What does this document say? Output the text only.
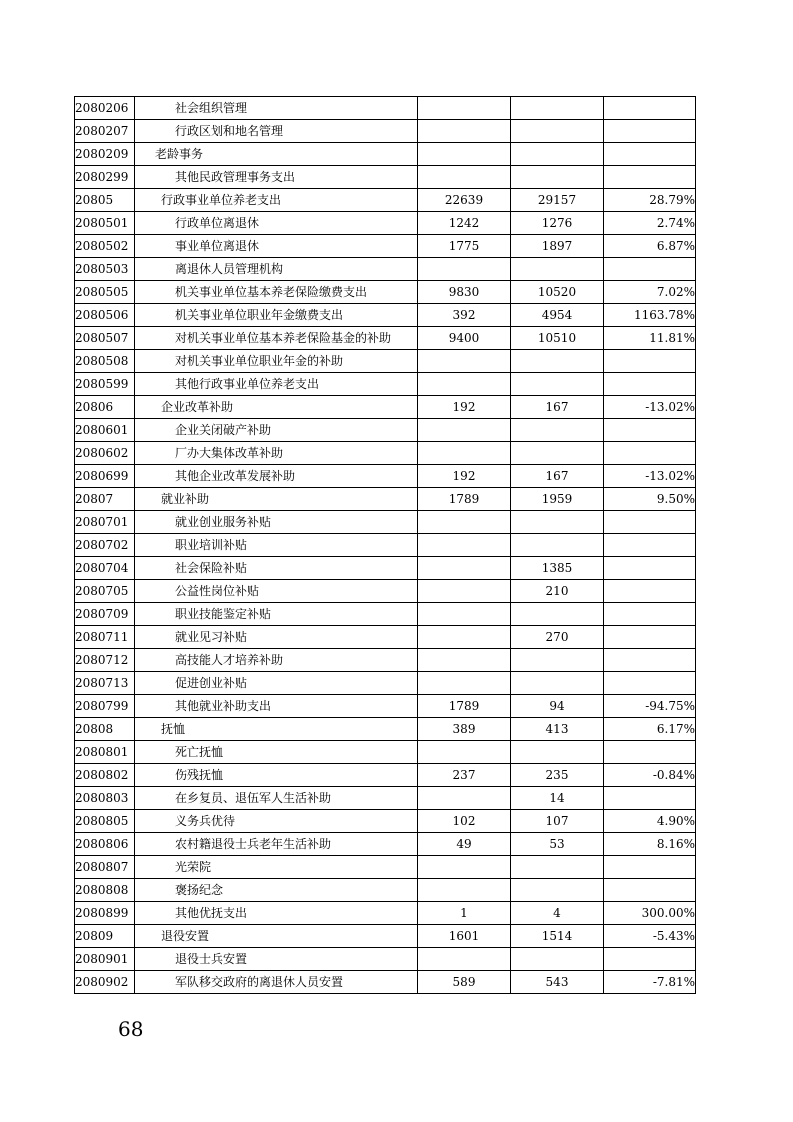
2080206	社会组织管理			
2080207	行政区划和地名管理			
2080209	老龄事务			
2080299	其他民政管理事务支出			
20805	行政事业单位养老支出	22639	29157	28.79%
2080501	行政单位离退休	1242	1276	2.74%
2080502	事业单位离退休	1775	1897	6.87%
2080503	离退休人员管理机构			
2080505	机关事业单位基本养老保险缴费支出	9830	10520	7.02%
2080506	机关事业单位职业年金缴费支出	392	4954	1163.78%
2080507	对机关事业单位基本养老保险基金的补助	9400	10510	11.81%
2080508	对机关事业单位职业年金的补助			
2080599	其他行政事业单位养老支出			
20806	企业改革补助	192	167	-13.02%
2080601	企业关闭破产补助			
2080602	厂办大集体改革补助			
2080699	其他企业改革发展补助	192	167	-13.02%
20807	就业补助	1789	1959	9.50%
2080701	就业创业服务补贴			
2080702	职业培训补贴			
2080704	社会保险补贴		1385	
2080705	公益性岗位补贴		210	
2080709	职业技能鉴定补贴			
2080711	就业见习补贴		270	
2080712	高技能人才培养补助			
2080713	促进创业补贴			
2080799	其他就业补助支出	1789	94	-94.75%
20808	抚恤	389	413	6.17%
2080801	死亡抚恤			
2080802	伤残抚恤	237	235	-0.84%
2080803	在乡复员、退伍军人生活补助		14	
2080805	义务兵优待	102	107	4.90%
2080806	农村籍退役士兵老年生活补助	49	53	8.16%
2080807	光荣院			
2080808	褒扬纪念			
2080899	其他优抚支出	1	4	300.00%
20809	退役安置	1601	1514	-5.43%
2080901	退役士兵安置			
2080902	军队移交政府的离退休人员安置	589	543	-7.81%
68
